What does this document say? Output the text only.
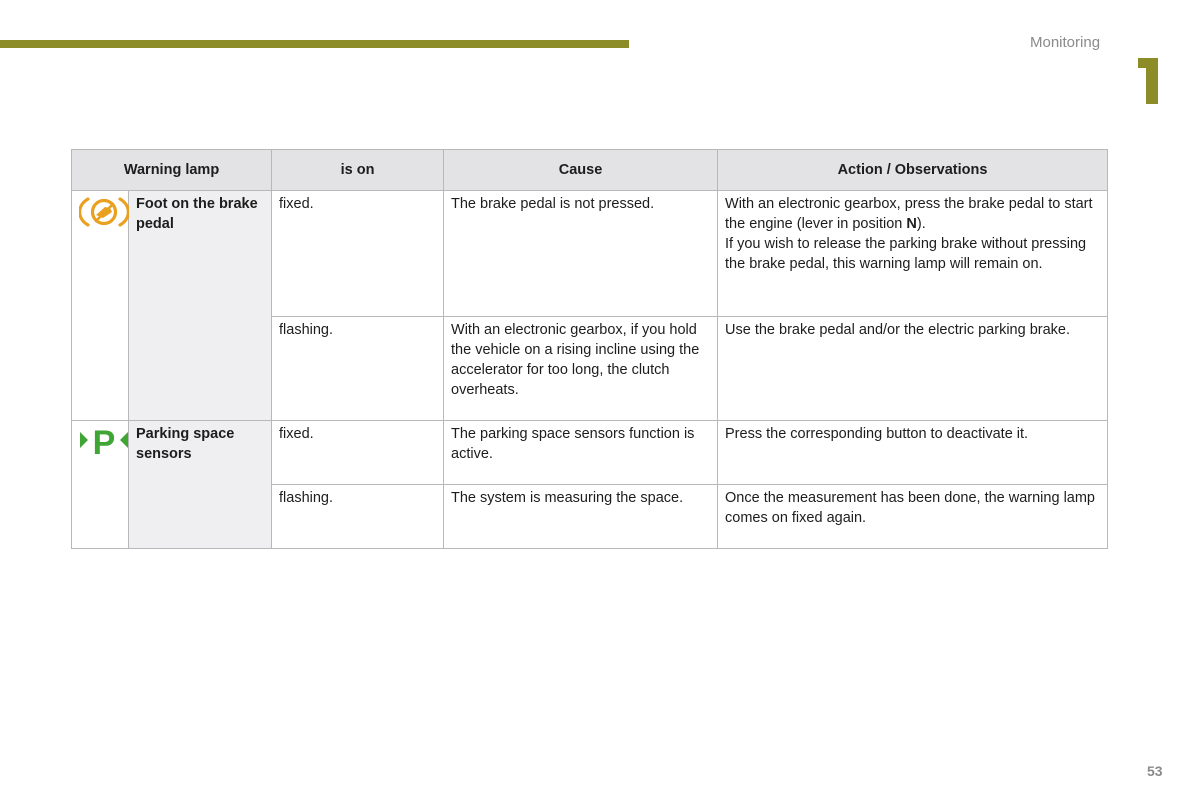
Monitoring
Warning lamp		is on	Cause	Action / Observations
	Foot on the brake pedal	fixed.	The brake pedal is not pressed.	With an electronic gearbox, press the brake pedal to start the engine (lever in position N).
If you wish to release the parking brake without pressing the brake pedal, this warning lamp will remain on.
		flashing.	With an electronic gearbox, if you hold the vehicle on a rising incline using the accelerator for too long, the clutch overheats.	Use the brake pedal and/or the electric parking brake.

P	Parking space sensors	fixed.	The parking space sensors function is active.	Press the corresponding button to deactivate it.
		flashing.	The system is measuring the space.	Once the measurement has been done, the warning lamp comes on fixed again.
53
